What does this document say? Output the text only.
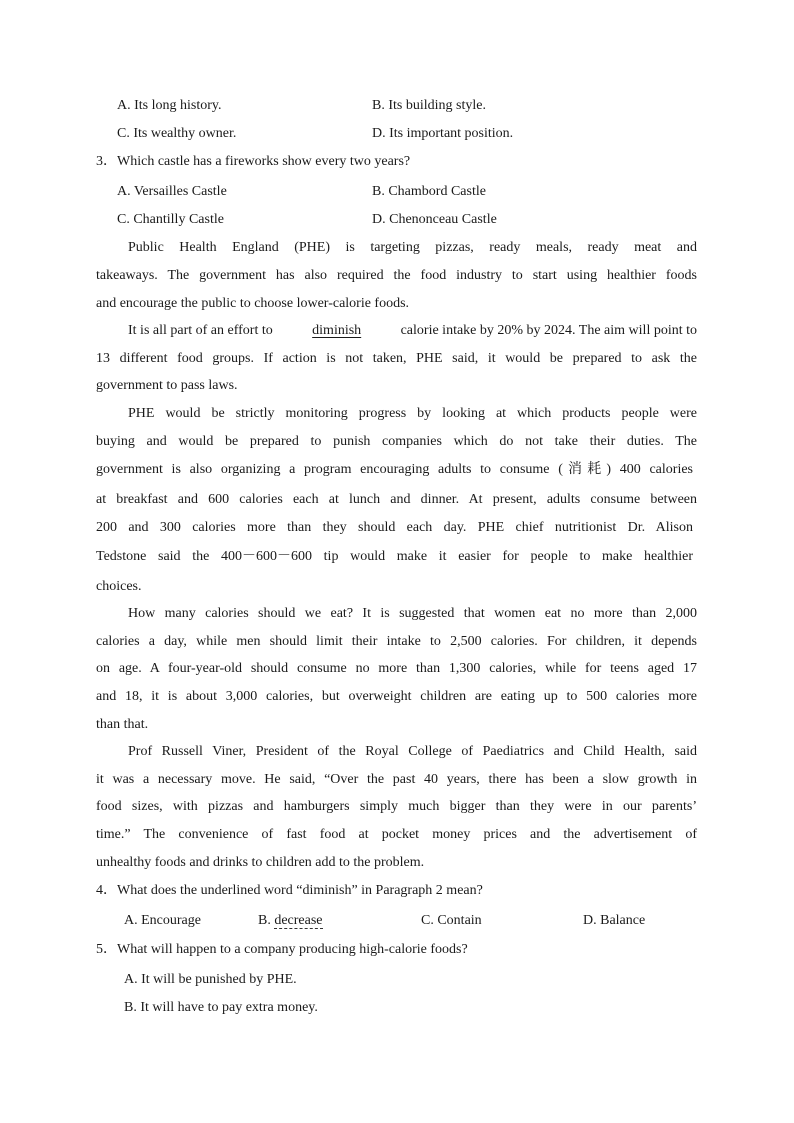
A. Its long history.	B. Its building style.
C. Its wealthy owner.	D. Its important position.
3．Which castle has a fireworks show every two years?
A. Versailles Castle	B. Chambord Castle
C. Chantilly Castle	D. Chenonceau Castle
Public Health England (PHE) is targeting pizzas, ready meals, ready meat and
takeaways. The government has also required the food industry to start using healthier foods
and encourage the public to choose lower-calorie foods.
It is all part of an effort to	diminish	calorie intake by 20% by 2024. The aim will point to
13 different food groups. If action is not taken, PHE said, it would be prepared to ask the
government to pass laws.
PHE would be strictly monitoring progress by looking at which products people were
buying and would be prepared to punish companies which do not take their duties. The
government is also organizing a program encouraging adults to consume (消耗) 400 calories
at breakfast and 600 calories each at lunch and dinner. At present, adults consume between
200 and 300 calories more than they should each day. PHE chief nutritionist Dr. Alison
Tedstone said the 400－600－600 tip would make it easier for people to make healthier
choices.
How many calories should we eat? It is suggested that women eat no more than 2,000
calories a day, while men should limit their intake to 2,500 calories. For children, it depends
on age. A four-year-old should consume no more than 1,300 calories, while for teens aged 17
and 18, it is about 3,000 calories, but overweight children are eating up to 500 calories more
than that.
Prof Russell Viner, President of the Royal College of Paediatrics and Child Health, said
it was a necessary move. He said, “Over the past 40 years, there has been a slow growth in
food sizes, with pizzas and hamburgers simply much bigger than they were in our parents’
time.” The convenience of fast food at pocket money prices and the advertisement of
unhealthy foods and drinks to children add to the problem.
4．What does the underlined word “diminish” in Paragraph 2 mean?
A. Encourage	B. decrease	C. Contain	D. Balance
5．What will happen to a company producing high-calorie foods?
A. It will be punished by PHE.
B. It will have to pay extra money.
